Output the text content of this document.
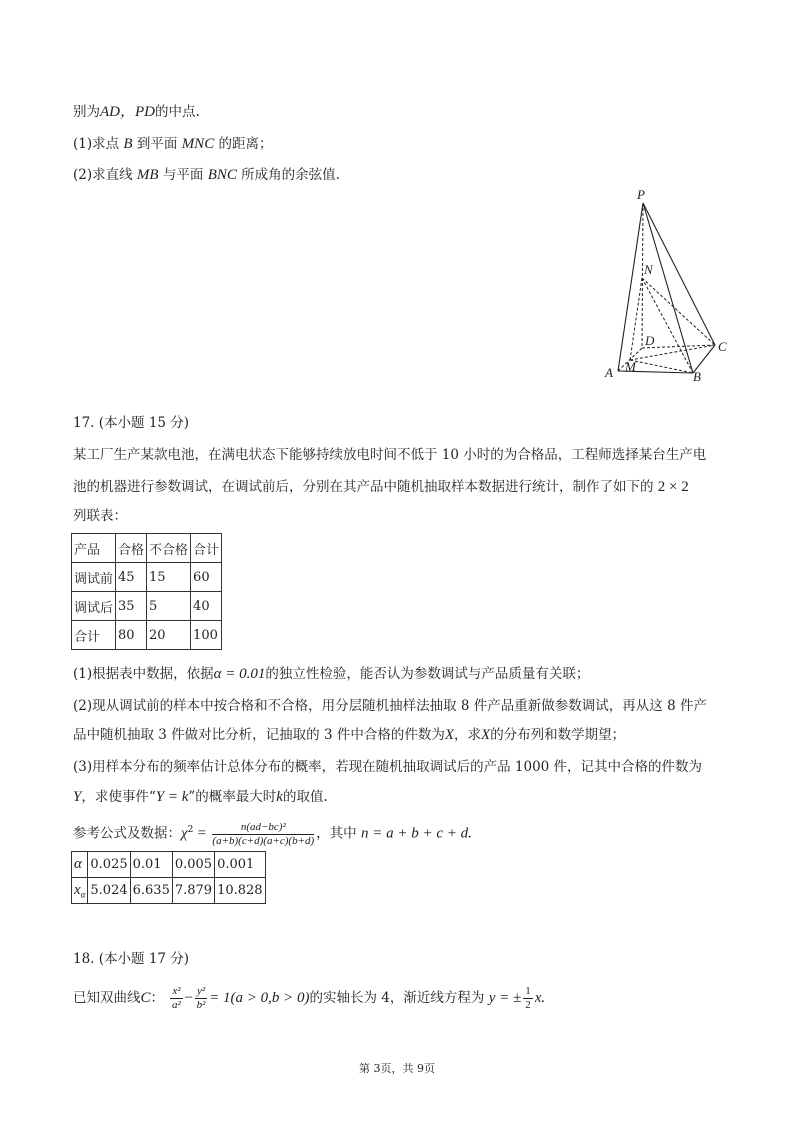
别为AD，PD的中点.
(1)求点 B 到平面 MNC 的距离；
(2)求直线 MB 与平面 BNC 所成角的余弦值.
P
N
D	C
A M
B
17. (本小题 15 分)
某工厂生产某款电池，在满电状态下能够持续放电时间不低于 10 小时的为合格品，工程师选择某台生产电
池的机器进行参数调试，在调试前后，分别在其产品中随机抽取样本数据进行统计，制作了如下的 2 × 2
列联表：
产品	合格	不合格	合计
调试前	45	15	60
调试后	35	5	40
合计	80	20	100
(1)根据表中数据，依据α = 0.01的独立性检验，能否认为参数调试与产品质量有关联；
(2)现从调试前的样本中按合格和不合格，用分层随机抽样法抽取 8 件产品重新做参数调试，再从这 8 件产
品中随机抽取 3 件做对比分析，记抽取的 3 件中合格的件数为X，求X的分布列和数学期望；
(3)用样本分布的频率估计总体分布的概率，若现在随机抽取调试后的产品 1000 件，记其中合格的件数为
Y，求使事件“Y = k”的概率最大时k的取值.
参考公式及数据：$\chi^2 = \frac{\text{n(ad−bc)²}}{(a+b)(c+d)(a+c)(b+d)}$ ，其中 n = a + b + c + d.
α	0.025	0.01	0.005	0.001
$x_\alpha$	5.024	6.635	7.879	10.828
18. (本小题 17 分)
已知双曲线C： $\frac{\text{x²}}{\text{a²}} - \frac{\text{y²}}{\text{b²}} = 1(a > 0,b > 0)$的实轴长为 4，渐近线方程为 y = ± $\frac{1}{2} x$.
第 3页，共 9页
